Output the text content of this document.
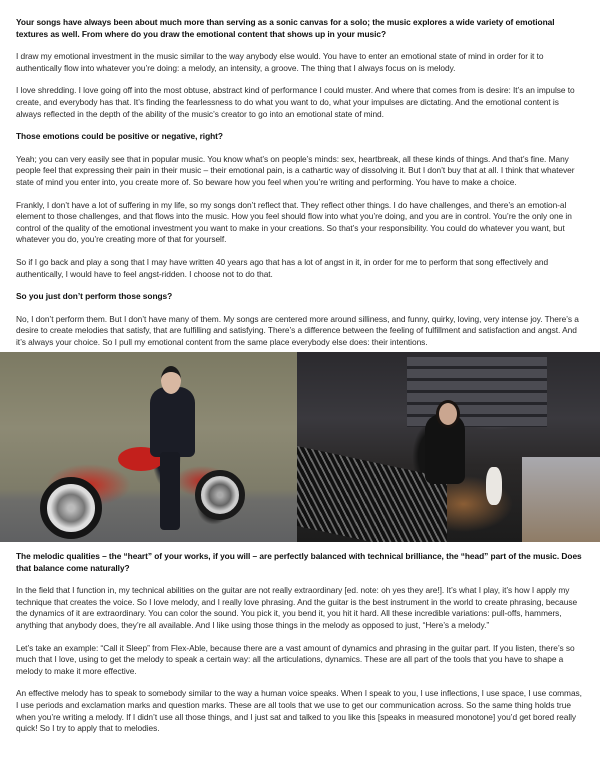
Your songs have always been about much more than serving as a sonic canvas for a solo; the music explores a wide variety of emotional textures as well. From where do you draw the emotional content that shows up in your music?

I draw my emotional investment in the music similar to the way anybody else would. You have to enter an emotional state of mind in order for it to authentically flow into whatever you’re doing: a melody, an intensity, a groove. The thing that I always focus on is melody.

I love shredding. I love going off into the most obtuse, abstract kind of performance I could muster. And where that comes from is desire: It’s an impulse to create, and everybody has that. It’s finding the fearlessness to do what you want to do, what your impulses are dictating. And the emotional content is always reflected in the depth of the ability of the music’s creator to go into an emotional state of mind.

Those emotions could be positive or negative, right?

Yeah; you can very easily see that in popular music. You know what’s on people’s minds: sex, heartbreak, all these kinds of things. And that’s fine. Many people feel that expressing their pain in their music – their emotional pain, is a cathartic way of dissolving it. But I don’t buy that at all. I think that whatever state of mind you enter into, you create more of. So beware how you feel when you’re writing and performing. You have to make a choice.

Frankly, I don’t have a lot of suffering in my life, so my songs don’t reflect that. They reflect other things. I do have challenges, and there’s an emotion-al element to those challenges, and that flows into the music. How you feel should flow into what you’re doing, and you are in control. You’re the only one in control of the quality of the emotional investment you want to make in your creations. So that’s your responsibility. You could do whatever you want, but whatever you do, you’re creating more of that for yourself.

So if I go back and play a song that I may have written 40 years ago that has a lot of angst in it, in order for me to perform that song effectively and authentically, I would have to feel angst-ridden. I choose not to do that.

So you just don’t perform those songs?

No, I don’t perform them. But I don’t have many of them. My songs are centered more around silliness, and funny, quirky, loving, very intense joy. There’s a desire to create melodies that satisfy, that are fulfilling and satisfying. There’s a difference between the feeling of fulfillment and satisfaction and angst. And it’s always your choice. So I pull my emotional content from the same place everybody else does: their intentions.

The melodic qualities – the “heart” of your works, if you will – are perfectly balanced with technical brilliance, the “head” part of the music. Does that balance come naturally?

In the field that I function in, my technical abilities on the guitar are not really extraordinary [ed. note: oh yes they are!]. It’s what I play, it’s how I apply my technique that creates the voice. So I love melody, and I really love phrasing. And the guitar is the best instrument in the world to create phrasing, because the dynamics of it are extraordinary. You can color the sound. You pick it, you bend it, you hit it hard. All these incredible variations: pull-offs, hammers, anything that anybody does, they’re all available. And I like using those things in the melody as opposed to just, “Here’s a melody.”

Let’s take an example: “Call it Sleep” from Flex-Able, because there are a vast amount of dynamics and phrasing in the guitar part. If you listen, there’s so much that I love, using to get the melody to speak a certain way: all the articulations, dynamics. These are all part of the tools that you have to shape a melody to make it more effective.

An effective melody has to speak to somebody similar to the way a human voice speaks. When I speak to you, I use inflections, I use space, I use commas, I use periods and exclamation marks and question marks. These are all tools that we use to get our communication across. So the same thing holds true when you’re writing a melody. If I didn’t use all those things, and I just sat and talked to you like this [speaks in measured monotone] you’d get bored really quick! So I try to apply that to melodies.
